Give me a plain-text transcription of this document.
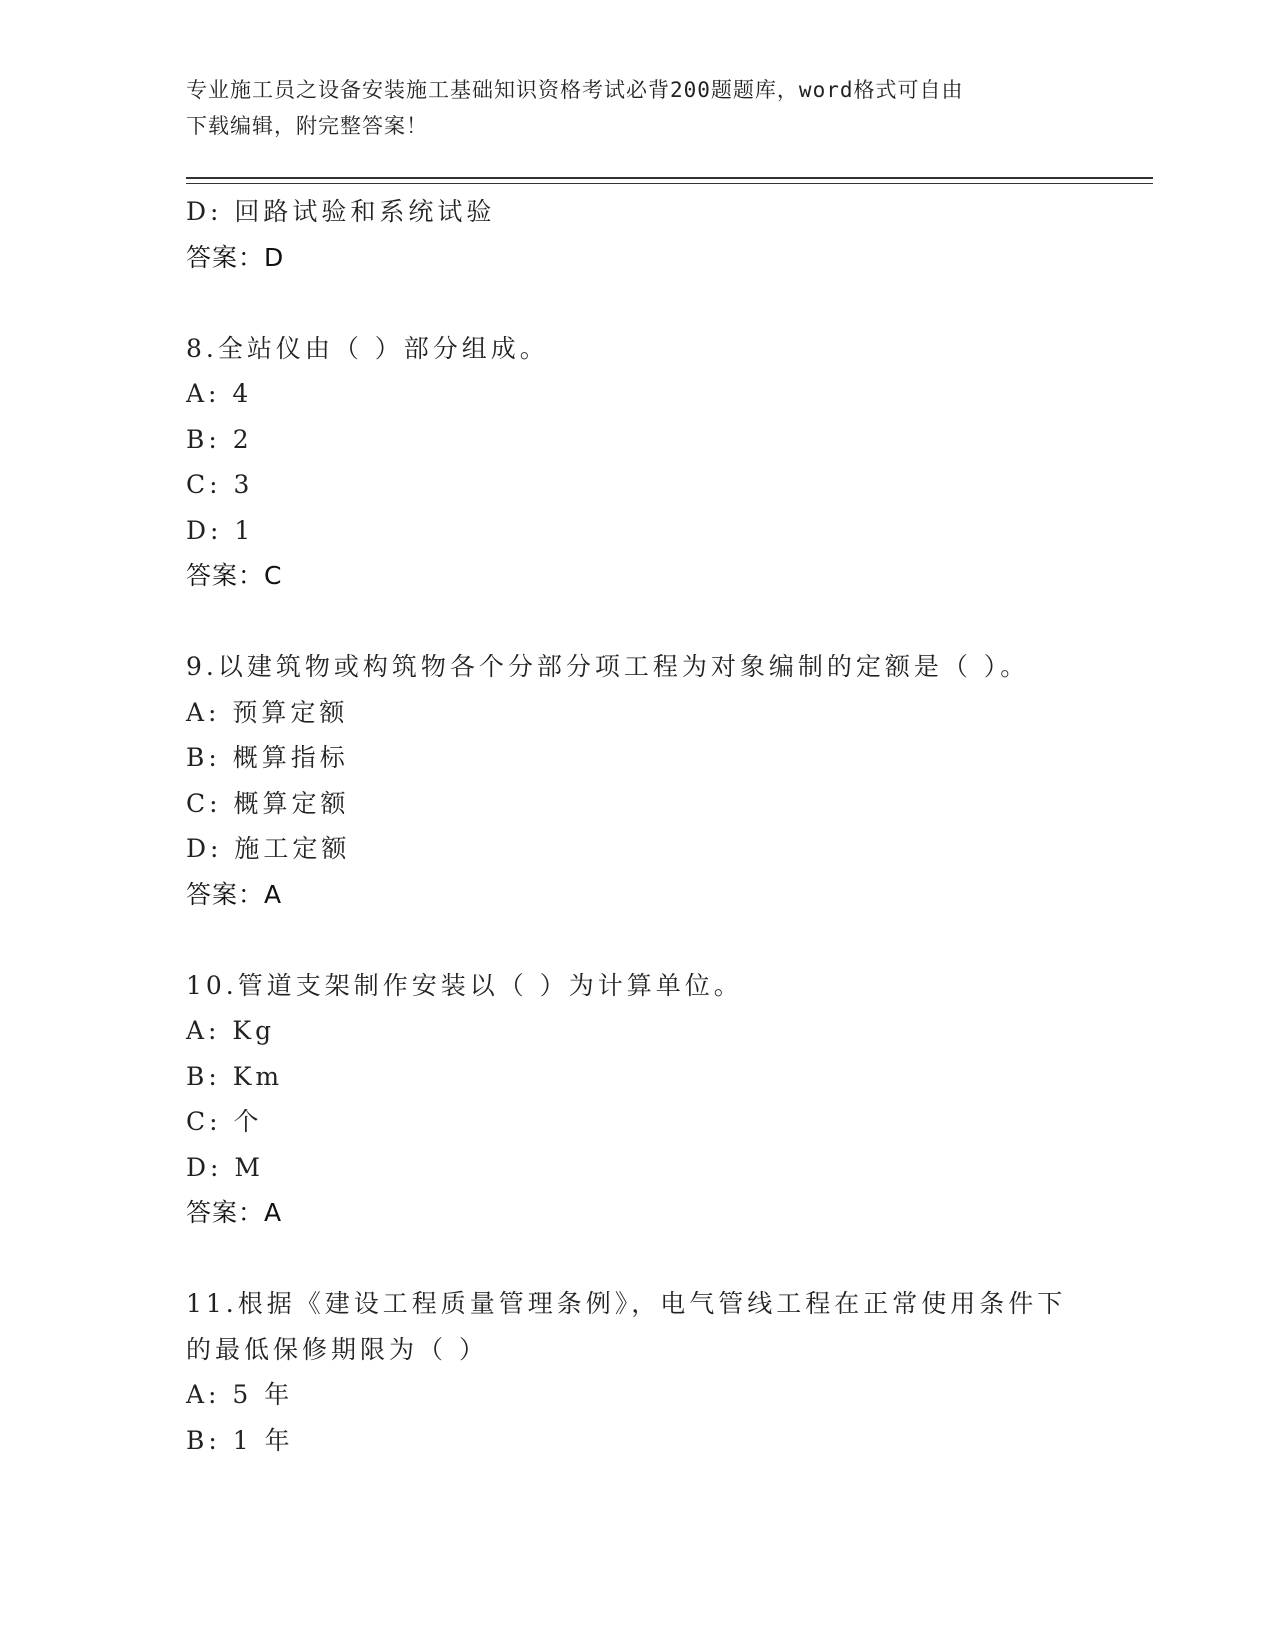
专业施工员之设备安装施工基础知识资格考试必背200题题库，word格式可自由
下载编辑，附完整答案！
D: 回路试验和系统试验
答案：D
8.全站仪由（ ）部分组成。
A: 4
B: 2
C: 3
D: 1
答案：C
9.以建筑物或构筑物各个分部分项工程为对象编制的定额是（ ）。
A: 预算定额
B: 概算指标
C: 概算定额
D: 施工定额
答案：A
10.管道支架制作安装以（ ）为计算单位。
A: Kg
B: Km
C: 个
D: M
答案：A
11.根据《建设工程质量管理条例》，电气管线工程在正常使用条件下
的最低保修期限为（ ）
A: 5 年
B: 1 年
